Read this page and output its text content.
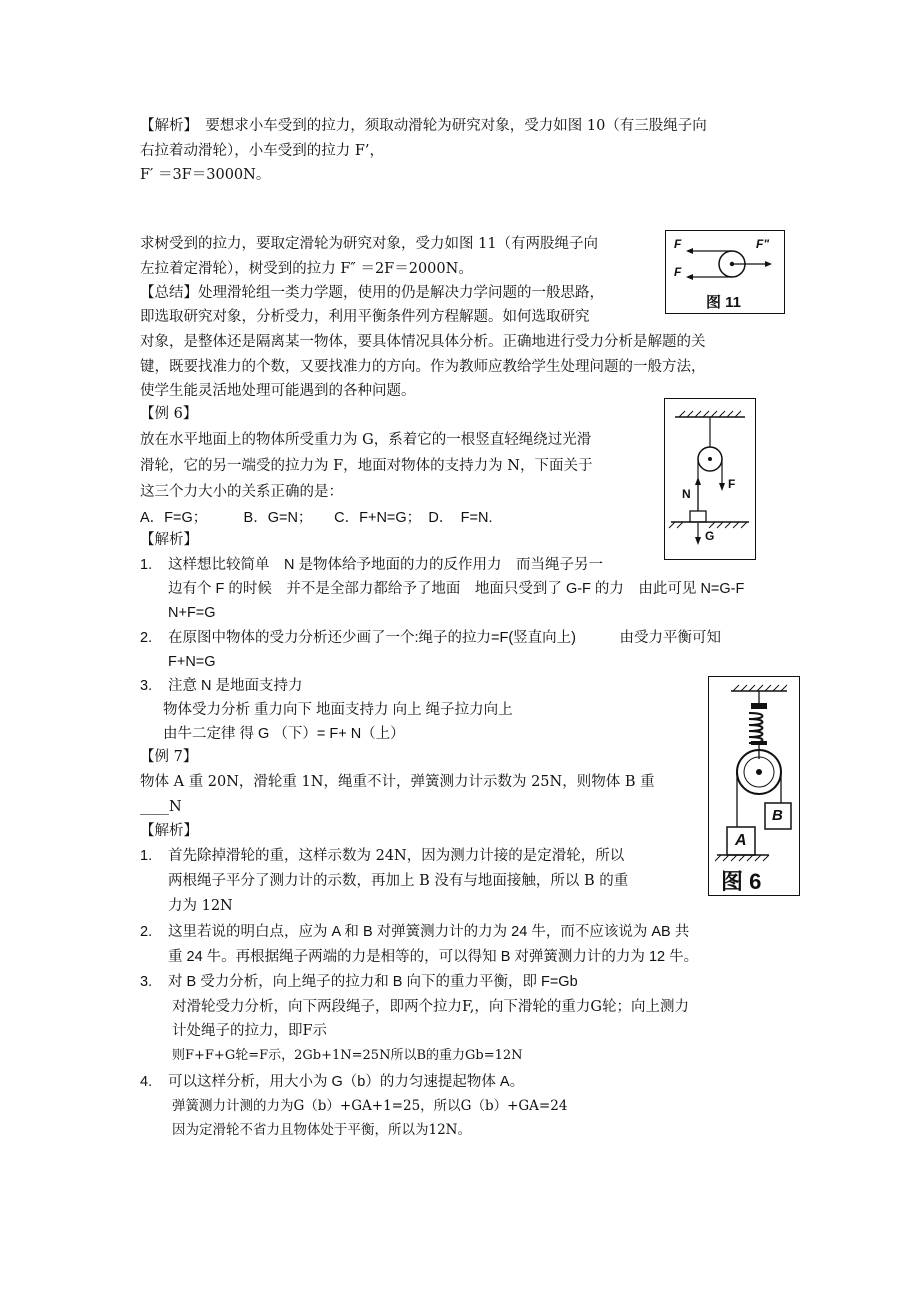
【解析】　要想求小车受到的拉力，须取动滑轮为研究对象，受力如图 10（有三股绳子向
右拉着动滑轮），小车受到的拉力 F’，
F′ ＝3F＝3000N。
求树受到的拉力，要取定滑轮为研究对象，受力如图 11（有两股绳子向
左拉着定滑轮），树受到的拉力 F″ ＝2F＝2000N。
【总结】处理滑轮组一类力学题，使用的仍是解决力学问题的一般思路，
即选取研究对象，分析受力，利用平衡条件列方程解题。如何选取研究
对象，是整体还是隔离某一物体，要具体情况具体分析。正确地进行受力分析是解题的关
键，既要找准力的个数，又要找准力的方向。作为教师应教给学生处理问题的一般方法，
使学生能灵活地处理可能遇到的各种问题。
F
F
F"
图 11
【例 6】
放在水平地面上的物体所受重力为 G，系着它的一根竖直轻绳绕过光滑
滑轮，它的另一端受的拉力为 F，地面对物体的支持力为 N，下面关于
这三个力大小的关系正确的是：
A．F=G；　　　B．G=N；　　C．F+N=G；　D．　F=N.
【解析】
1. 这样想比较简单　N 是物体给予地面的力的反作用力　而当绳子另一
边有个 F 的时候　并不是全部力都给予了地面　地面只受到了 G-F 的力　由此可见 N=G-F
N+F=G
2. 在原图中物体的受力分析还少画了一个:绳子的拉力=F(竖直向上)　　　由受力平衡可知
F+N=G
3. 注意 N 是地面支持力
物体受力分析 重力向下 地面支持力 向上 绳子拉力向上
由牛二定律 得 G （下）= F+ N（上）
F
N
G
【例 7】
物体 A 重 20N，滑轮重 1N，绳重不计，弹簧测力计示数为 25N，则物体 B 重
____N
【解析】
1. 首先除掉滑轮的重，这样示数为 24N，因为测力计接的是定滑轮，所以
两根绳子平分了测力计的示数，再加上 B 没有与地面接触，所以 B 的重
力为 12N
2. 这里若说的明白点，应为 A 和 B 对弹簧测力计的力为 24 牛，而不应该说为 AB 共
重 24 牛。再根据绳子两端的力是相等的，可以得知 B 对弹簧测力计的力为 12 牛。
3. 对 B 受力分析，向上绳子的拉力和 B 向下的重力平衡，即 F=Gb
对滑轮受力分析，向下两段绳子，即两个拉力F,，向下滑轮的重力G轮；向上测力
计处绳子的拉力，即F示
则F+F+G轮=F示，2Gb+1N=25N所以B的重力Gb=12N
4. 可以这样分析，用大小为 G（b）的力匀速提起物体 A。
弹簧测力计测的力为G（b）+GA+1=25，所以G（b）+GA=24
因为定滑轮不省力且物体处于平衡，所以为12N。
B
A
图 6
